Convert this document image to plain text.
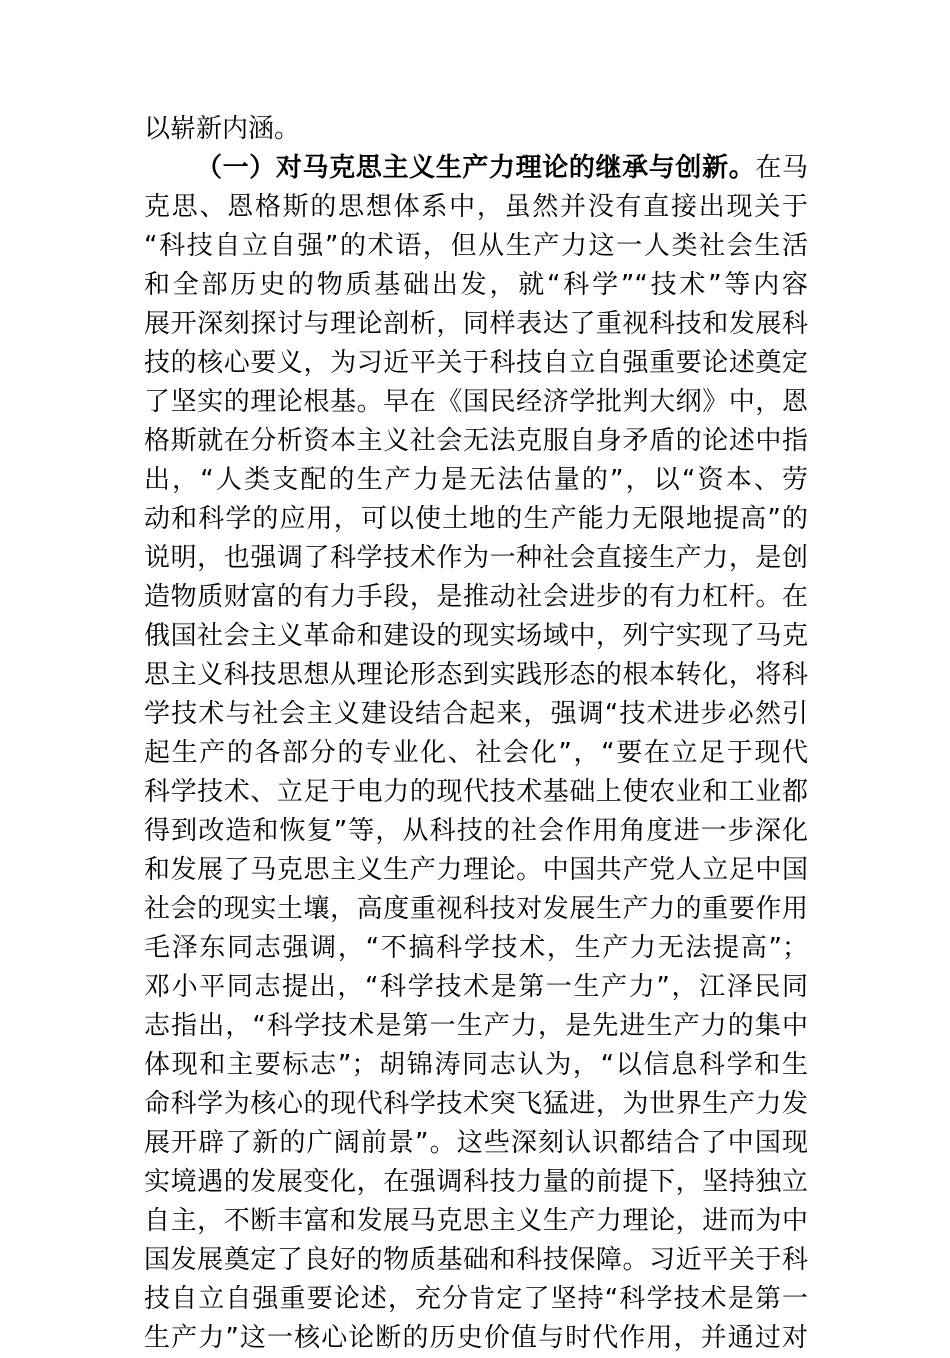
以崭新内涵。
（一）对马克思主义生产力理论的继承与创新。在马
克思、恩格斯的思想体系中，虽然并没有直接出现关于
“科技自立自强”的术语，但从生产力这一人类社会生活
和全部历史的物质基础出发，就“科学”“技术”等内容
展开深刻探讨与理论剖析，同样表达了重视科技和发展科
技的核心要义，为习近平关于科技自立自强重要论述奠定
了坚实的理论根基。早在《国民经济学批判大纲》中，恩
格斯就在分析资本主义社会无法克服自身矛盾的论述中指
出，“人类支配的生产力是无法估量的”，以“资本、劳
动和科学的应用，可以使土地的生产能力无限地提高”的
说明，也强调了科学技术作为一种社会直接生产力，是创
造物质财富的有力手段，是推动社会进步的有力杠杆。在
俄国社会主义革命和建设的现实场域中，列宁实现了马克
思主义科技思想从理论形态到实践形态的根本转化，将科
学技术与社会主义建设结合起来，强调“技术进步必然引
起生产的各部分的专业化、社会化”，“要在立足于现代
科学技术、立足于电力的现代技术基础上使农业和工业都
得到改造和恢复”等，从科技的社会作用角度进一步深化
和发展了马克思主义生产力理论。中国共产党人立足中国
社会的现实土壤，高度重视科技对发展生产力的重要作用
毛泽东同志强调，“不搞科学技术，生产力无法提高”；
邓小平同志提出，“科学技术是第一生产力”，江泽民同
志指出，“科学技术是第一生产力，是先进生产力的集中
体现和主要标志”；胡锦涛同志认为，“以信息科学和生
命科学为核心的现代科学技术突飞猛进，为世界生产力发
展开辟了新的广阔前景”。这些深刻认识都结合了中国现
实境遇的发展变化，在强调科技力量的前提下，坚持独立
自主，不断丰富和发展马克思主义生产力理论，进而为中
国发展奠定了良好的物质基础和科技保障。习近平关于科
技自立自强重要论述，充分肯定了坚持“科学技术是第一
生产力”这一核心论断的历史价值与时代作用，并通过对
